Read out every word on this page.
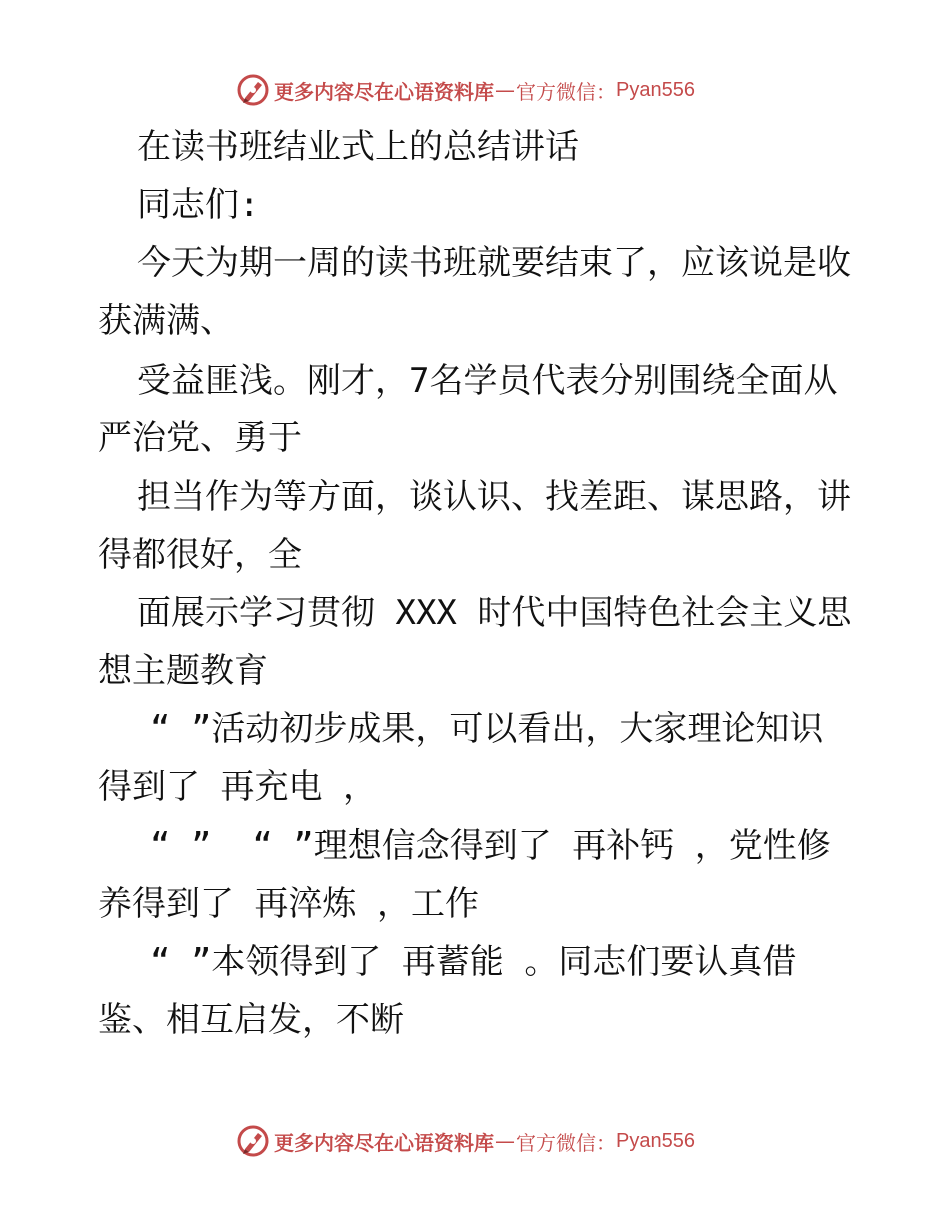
更多内容尽在心语资料库 — 官方微信： Pyan556
在读书班结业式上的总结讲话
同志们:
今天为期一周的读书班就要结束了，应该说是收
获满满、
受益匪浅。刚才，7名学员代表分别围绕全面从
严治党、勇于
担当作为等方面，谈认识、找差距、谋思路，讲
得都很好，全
面展示学习贯彻 XXX 时代中国特色社会主义思
想主题教育
“ ”活动初步成果，可以看出，大家理论知识
得到了 再充电 ，
“ ”  “ ”理想信念得到了 再补钙 ，党性修
养得到了 再淬炼 ，工作
“ ”本领得到了 再蓄能 。同志们要认真借
鉴、相互启发，不断
更多内容尽在心语资料库 — 官方微信： Pyan556
